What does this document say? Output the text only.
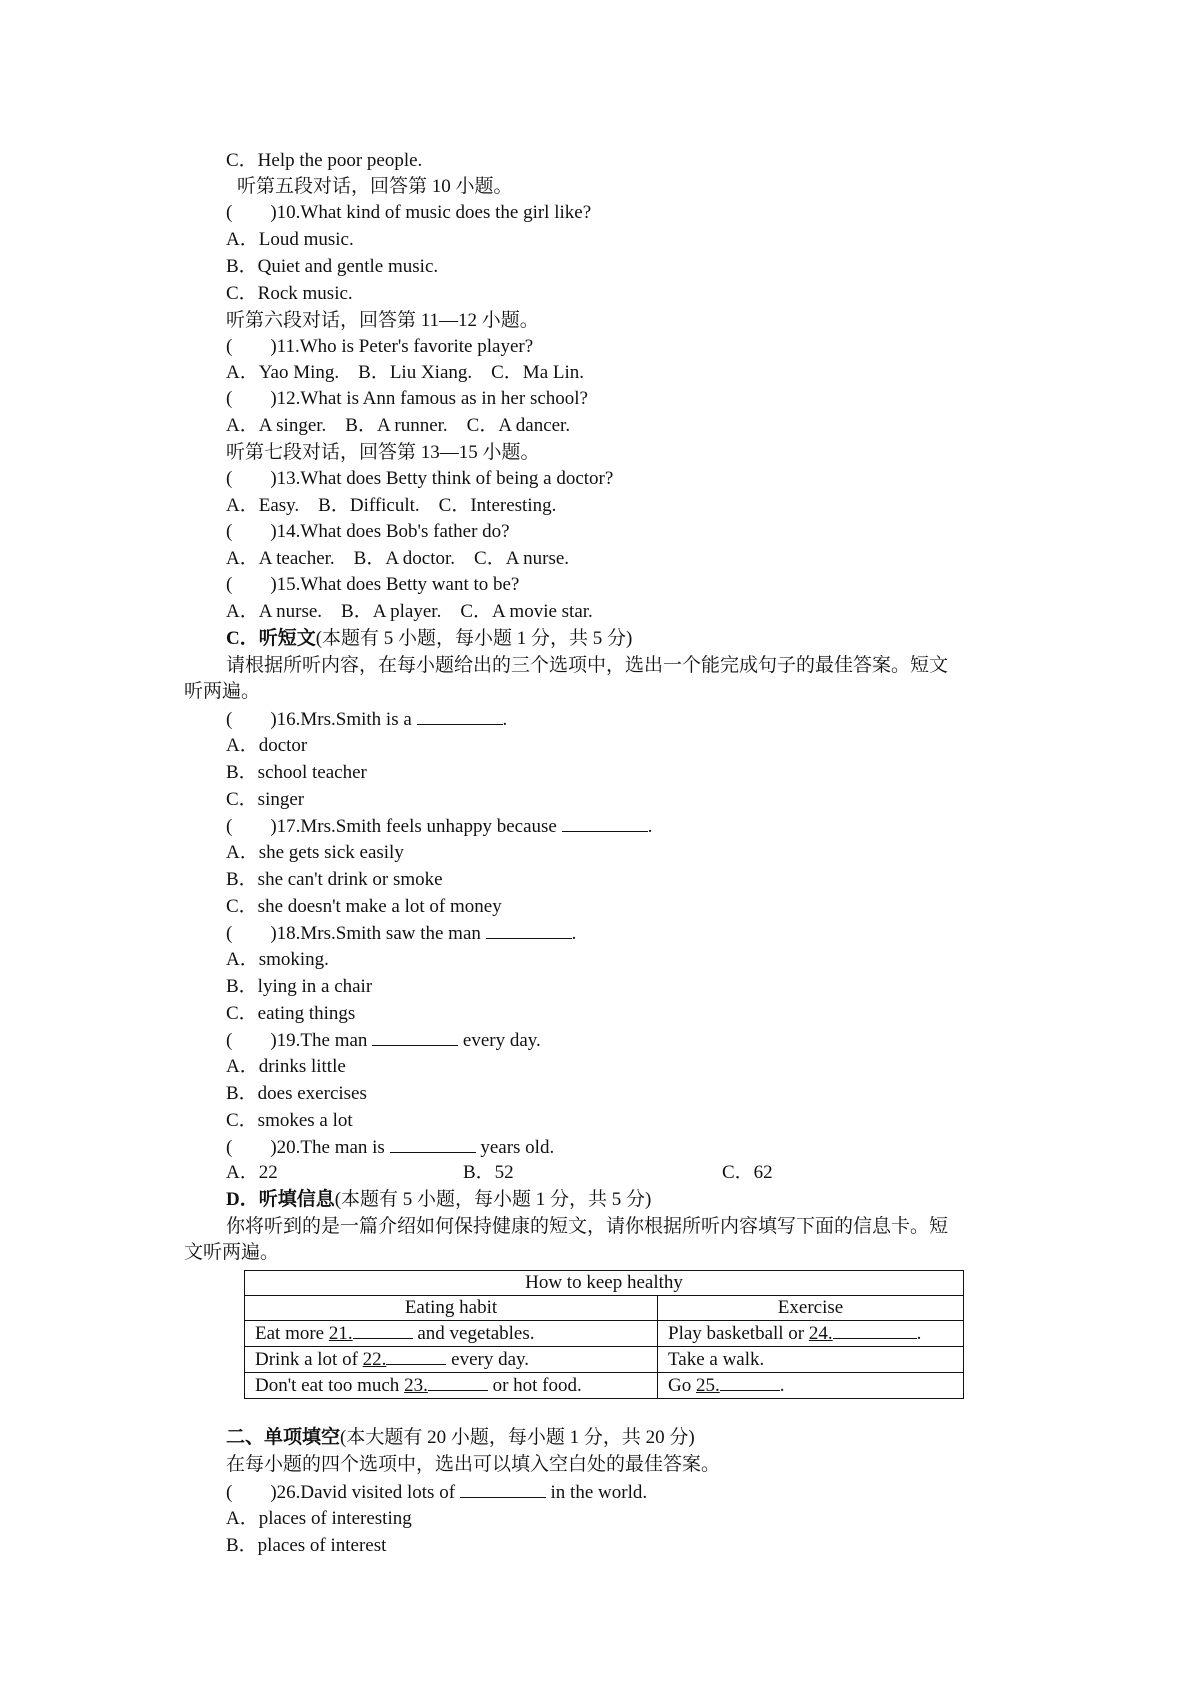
C．Help the poor people.
听第五段对话，回答第 10 小题。
(        )10.What kind of music does the girl like?
A．Loud music.
B．Quiet and gentle music.
C．Rock music.
听第六段对话，回答第 11—12 小题。
(        )11.Who is Peter's favorite player?
A．Yao Ming.    B．Liu Xiang.    C．Ma Lin.
(        )12.What is Ann famous as in her school?
A．A singer.    B．A runner.    C．A dancer.
听第七段对话，回答第 13—15 小题。
(        )13.What does Betty think of being a doctor?
A．Easy.    B．Difficult.    C．Interesting.
(        )14.What does Bob's father do?
A．A teacher.    B．A doctor.    C．A nurse.
(        )15.What does Betty want to be?
A．A nurse.    B．A player.    C．A movie star.
C．听短文(本题有 5 小题，每小题 1 分，共 5 分)
请根据所听内容，在每小题给出的三个选项中，选出一个能完成句子的最佳答案。短文
听两遍。
(        )16.Mrs.Smith is a	.
A．doctor
B．school teacher
C．singer
(        )17.Mrs.Smith feels unhappy because	.
A．she gets sick easily
B．she can't drink or smoke
C．she doesn't make a lot of money
(        )18.Mrs.Smith saw the man	.
A．smoking.
B．lying in a chair
C．eating things
(        )19.The man	every day.
A．drinks little
B．does exercises
C．smokes a lot
(        )20.The man is	years old.
A．22	B．52	C．62
D．听填信息(本题有 5 小题，每小题 1 分，共 5 分)
你将听到的是一篇介绍如何保持健康的短文，请你根据所听内容填写下面的信息卡。短
文听两遍。
How to keep healthy	
Eating habit	Exercise
Eat more 21. and vegetables.	Play basketball or 24. .
Drink a lot of 22. every day.	Take a walk.
Don't eat too much 23. or hot food.	Go 25. .
二、单项填空(本大题有 20 小题，每小题 1 分，共 20 分)
在每小题的四个选项中，选出可以填入空白处的最佳答案。
(        )26.David visited lots of	in the world.
A．places of interesting
B．places of interest
